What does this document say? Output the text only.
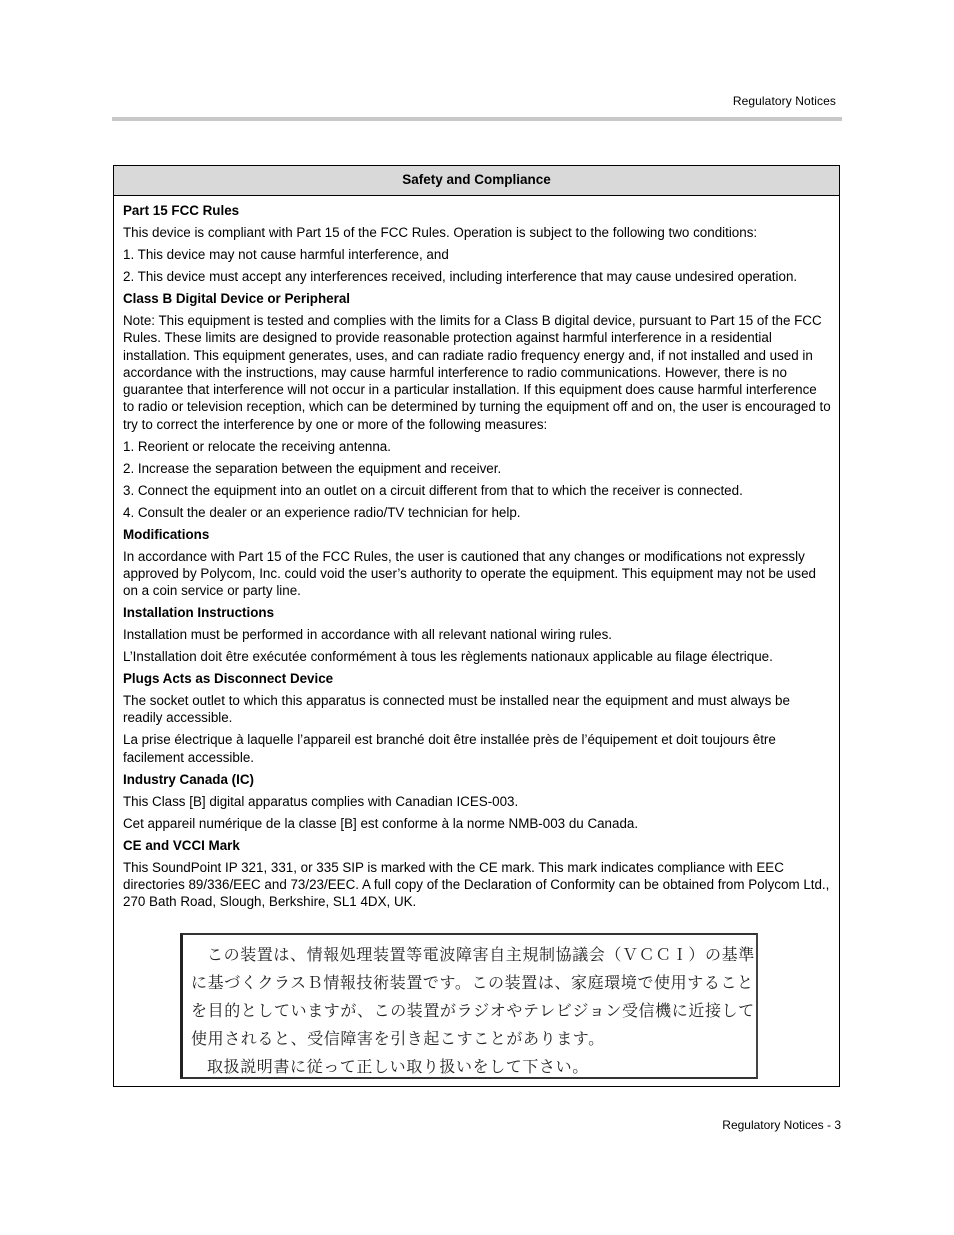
Regulatory Notices
Safety and Compliance

Part 15 FCC Rules

This device is compliant with Part 15 of the FCC Rules. Operation is subject to the following two conditions:

1. This device may not cause harmful interference, and

2. This device must accept any interferences received, including interference that may cause undesired operation.

Class B Digital Device or Peripheral

Note: This equipment is tested and complies with the limits for a Class B digital device, pursuant to Part 15 of the FCC Rules. These limits are designed to provide reasonable protection against harmful interference in a residential installation. This equipment generates, uses, and can radiate radio frequency energy and, if not installed and used in accordance with the instructions, may cause harmful interference to radio communications. However, there is no guarantee that interference will not occur in a particular installation. If this equipment does cause harmful interference to radio or television reception, which can be determined by turning the equipment off and on, the user is encouraged to try to correct the interference by one or more of the following measures:

1. Reorient or relocate the receiving antenna.

2. Increase the separation between the equipment and receiver.

3. Connect the equipment into an outlet on a circuit different from that to which the receiver is connected.

4. Consult the dealer or an experience radio/TV technician for help.

Modifications

In accordance with Part 15 of the FCC Rules, the user is cautioned that any changes or modifications not expressly approved by Polycom, Inc. could void the user’s authority to operate the equipment. This equipment may not be used on a coin service or party line.

Installation Instructions

Installation must be performed in accordance with all relevant national wiring rules.

L’Installation doit être exécutée conformément à tous les règlements nationaux applicable au filage électrique.

Plugs Acts as Disconnect Device

The socket outlet to which this apparatus is connected must be installed near the equipment and must always be readily accessible.

La prise électrique à laquelle l’appareil est branché doit être installée près de l’équipement et doit toujours être facilement accessible.

Industry Canada (IC)

This Class [B] digital apparatus complies with Canadian ICES-003.

Cet appareil numérique de la classe [B] est conforme à la norme NMB-003 du Canada.

CE and VCCI Mark

This SoundPoint IP 321, 331, or 335 SIP is marked with the CE mark. This mark indicates compliance with EEC directories 89/336/EEC and 73/23/EEC. A full copy of the Declaration of Conformity can be obtained from Polycom Ltd., 270 Bath Road, Slough, Berkshire, SL1 4DX, UK.

この装置は、情報処理装置等電波障害自主規制協議会（ＶＣＣＩ）の基準
に基づくクラスＢ情報技術装置です。この装置は、家庭環境で使用すること
を目的としていますが、この装置がラジオやテレビジョン受信機に近接して
使用されると、受信障害を引き起こすことがあります。
取扱説明書に従って正しい取り扱いをして下さい。
Regulatory Notices - 3
